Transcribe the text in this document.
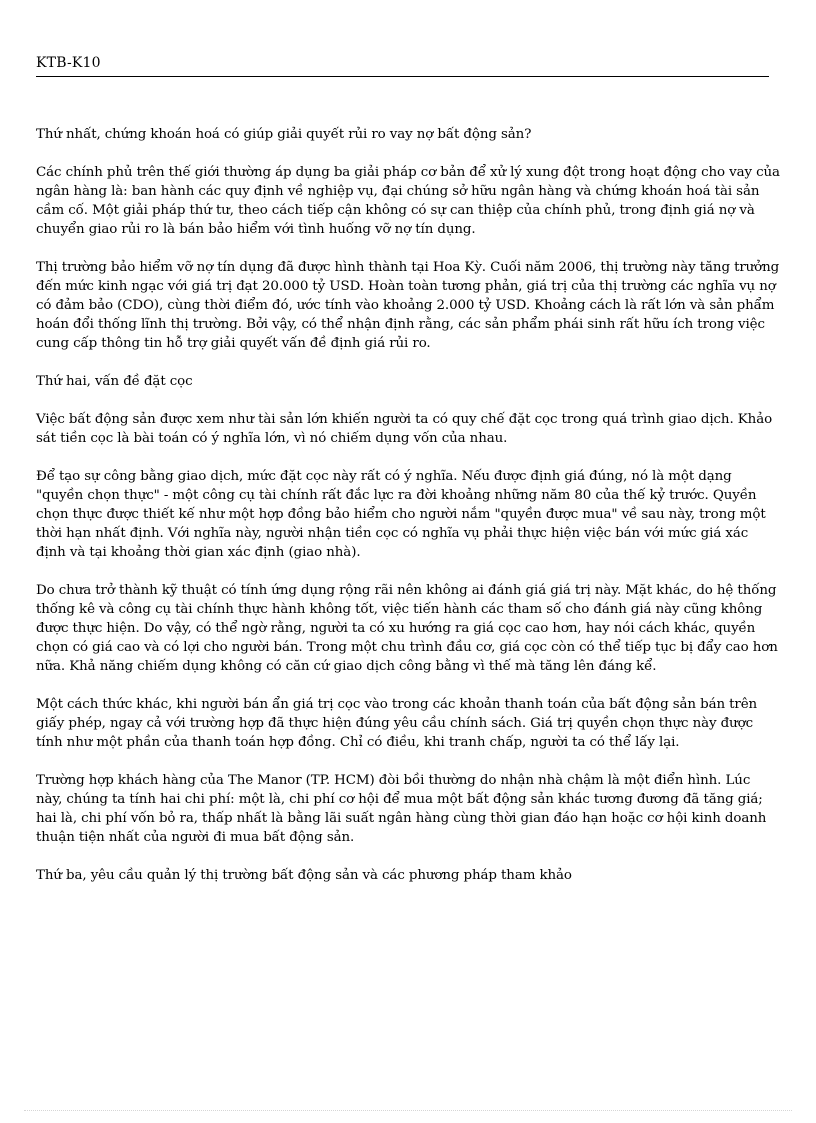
KTB-K10

Thứ nhất, chứng khoán hoá có giúp giải quyết rủi ro vay nợ bất động sản?

Các chính phủ trên thế giới thường áp dụng ba giải pháp cơ bản để xử lý xung đột trong hoạt động cho vay của ngân hàng là: ban hành các quy định về nghiệp vụ, đại chúng sở hữu ngân hàng và chứng khoán hoá tài sản cầm cố. Một giải pháp thứ tư, theo cách tiếp cận không có sự can thiệp của chính phủ, trong định giá nợ và chuyển giao rủi ro là bán bảo hiểm với tình huống vỡ nợ tín dụng.

Thị trường bảo hiểm vỡ nợ tín dụng đã được hình thành tại Hoa Kỳ. Cuối năm 2006, thị trường này tăng trưởng đến mức kinh ngạc với giá trị đạt 20.000 tỷ USD. Hoàn toàn tương phản, giá trị của thị trường các nghĩa vụ nợ có đảm bảo (CDO), cùng thời điểm đó, ước tính vào khoảng 2.000 tỷ USD. Khoảng cách là rất lớn và sản phẩm hoán đổi thống lĩnh thị trường. Bởi vậy, có thể nhận định rằng, các sản phẩm phái sinh rất hữu ích trong việc cung cấp thông tin hỗ trợ giải quyết vấn đề định giá rủi ro.

Thứ hai, vấn đề đặt cọc

Việc bất động sản được xem như tài sản lớn khiến người ta có quy chế đặt cọc trong quá trình giao dịch. Khảo sát tiền cọc là bài toán có ý nghĩa lớn, vì nó chiếm dụng vốn của nhau.

Để tạo sự công bằng giao dịch, mức đặt cọc này rất có ý nghĩa. Nếu được định giá đúng, nó là một dạng "quyền chọn thực" - một công cụ tài chính rất đắc lực ra đời khoảng những năm 80 của thế kỷ trước. Quyền chọn thực được thiết kế như một hợp đồng bảo hiểm cho người nắm "quyền được mua" về sau này, trong một thời hạn nhất định. Với nghĩa này, người nhận tiền cọc có nghĩa vụ phải thực hiện việc bán với mức giá xác định và tại khoảng thời gian xác định (giao nhà).

Do chưa trở thành kỹ thuật có tính ứng dụng rộng rãi nên không ai đánh giá giá trị này. Mặt khác, do hệ thống thống kê và công cụ tài chính thực hành không tốt, việc tiến hành các tham số cho đánh giá này cũng không được thực hiện. Do vậy, có thể ngờ rằng, người ta có xu hướng ra giá cọc cao hơn, hay nói cách khác, quyền chọn có giá cao và có lợi cho người bán. Trong một chu trình đầu cơ, giá cọc còn có thể tiếp tục bị đẩy cao hơn nữa. Khả năng chiếm dụng không có căn cứ giao dịch công bằng vì thế mà tăng lên đáng kể.

Một cách thức khác, khi người bán ẩn giá trị cọc vào trong các khoản thanh toán của bất động sản bán trên giấy phép, ngay cả với trường hợp đã thực hiện đúng yêu cầu chính sách. Giá trị quyền chọn thực này được tính như một phần của thanh toán hợp đồng. Chỉ có điều, khi tranh chấp, người ta có thể lấy lại.

Trường hợp khách hàng của The Manor (TP. HCM) đòi bồi thường do nhận nhà chậm là một điển hình. Lúc này, chúng ta tính hai chi phí: một là, chi phí cơ hội để mua một bất động sản khác tương đương đã tăng giá; hai là, chi phí vốn bỏ ra, thấp nhất là bằng lãi suất ngân hàng cùng thời gian đáo hạn hoặc cơ hội kinh doanh thuận tiện nhất của người đi mua bất động sản.

Thứ ba, yêu cầu quản lý thị trường bất động sản và các phương pháp tham khảo
